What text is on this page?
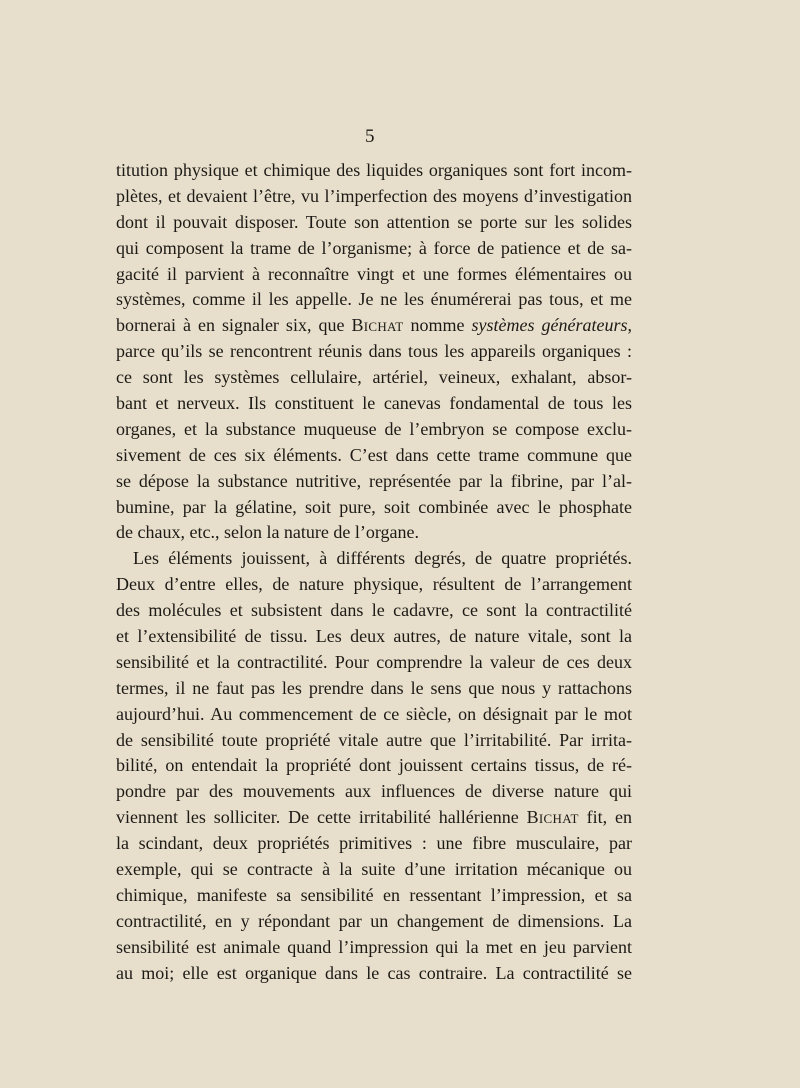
5
titution physique et chimique des liquides organiques sont fort incom-
plètes, et devaient l’être, vu l’imperfection des moyens d’investigation
dont il pouvait disposer. Toute son attention se porte sur les solides
qui composent la trame de l’organisme; à force de patience et de sa-
gacité il parvient à reconnaître vingt et une formes élémentaires ou
systèmes, comme il les appelle. Je ne les énumérerai pas tous, et me
bornerai à en signaler six, que Bichat nomme systèmes générateurs,
parce qu’ils se rencontrent réunis dans tous les appareils organiques :
ce sont les systèmes cellulaire, artériel, veineux, exhalant, absor-
bant et nerveux. Ils constituent le canevas fondamental de tous les
organes, et la substance muqueuse de l’embryon se compose exclu-
sivement de ces six éléments. C’est dans cette trame commune que
se dépose la substance nutritive, représentée par la fibrine, par l’al-
bumine, par la gélatine, soit pure, soit combinée avec le phosphate
de chaux, etc., selon la nature de l’organe.
Les éléments jouissent, à différents degrés, de quatre propriétés.
Deux d’entre elles, de nature physique, résultent de l’arrangement
des molécules et subsistent dans le cadavre, ce sont la contractilité
et l’extensibilité de tissu. Les deux autres, de nature vitale, sont la
sensibilité et la contractilité. Pour comprendre la valeur de ces deux
termes, il ne faut pas les prendre dans le sens que nous y rattachons
aujourd’hui. Au commencement de ce siècle, on désignait par le mot
de sensibilité toute propriété vitale autre que l’irritabilité. Par irrita-
bilité, on entendait la propriété dont jouissent certains tissus, de ré-
pondre par des mouvements aux influences de diverse nature qui
viennent les solliciter. De cette irritabilité hallérienne Bichat fit, en
la scindant, deux propriétés primitives : une fibre musculaire, par
exemple, qui se contracte à la suite d’une irritation mécanique ou
chimique, manifeste sa sensibilité en ressentant l’impression, et sa
contractilité, en y répondant par un changement de dimensions. La
sensibilité est animale quand l’impression qui la met en jeu parvient
au moi; elle est organique dans le cas contraire. La contractilité se
